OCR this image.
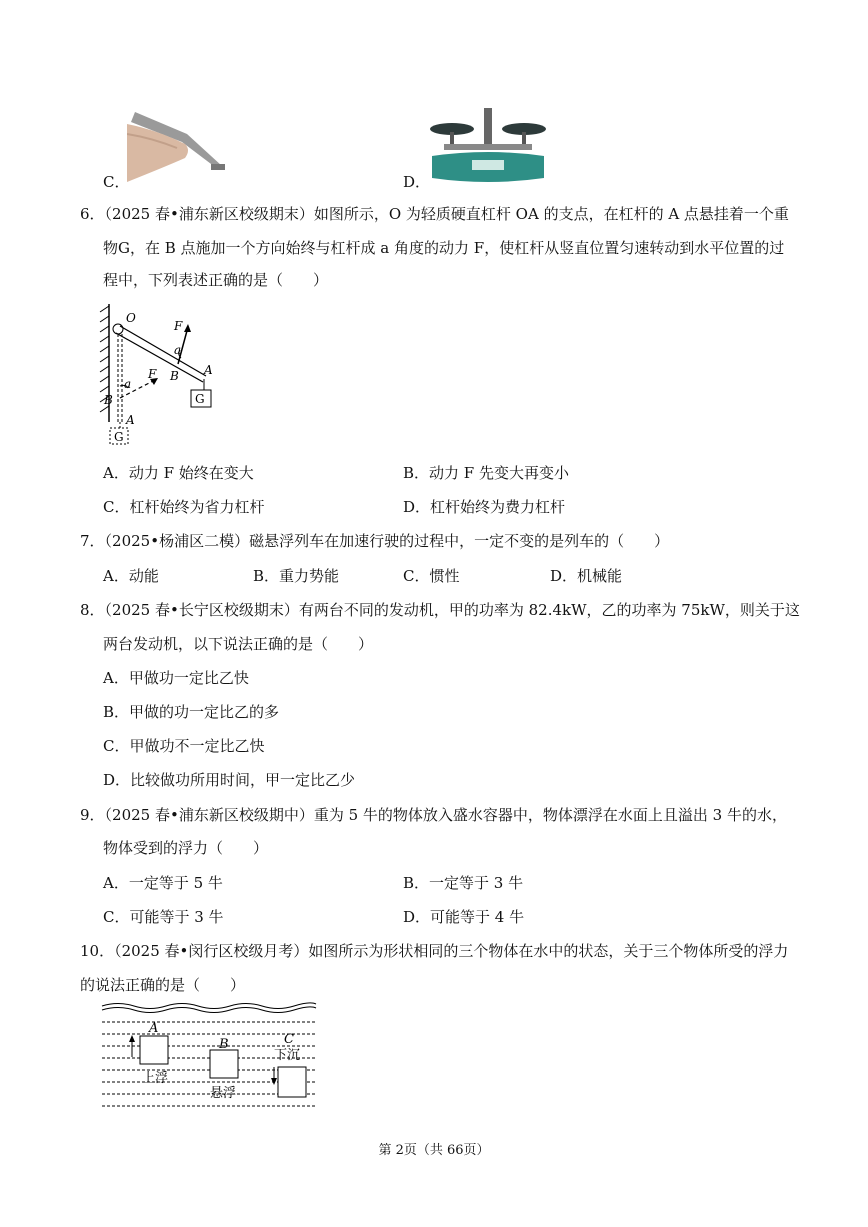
C．	D．
6．（2025 春•浦东新区校级期末）如图所示，O 为轻质硬直杠杆 OA 的支点，在杠杆的 A 点悬挂着一个重
物G，在 B 点施加一个方向始终与杠杆成 a 角度的动力 F，使杠杆从竖直位置匀速转动到水平位置的过
程中，下列表述正确的是（　　）
O
F
a
B A
G
F
a
B
A
G
A．动力 F 始终在变大	B．动力 F 先变大再变小
C．杠杆始终为省力杠杆	D．杠杆始终为费力杠杆
7．（2025•杨浦区二模）磁悬浮列车在加速行驶的过程中，一定不变的是列车的（　　）
A．动能	B．重力势能	C．惯性	D．机械能
8．（2025 春•长宁区校级期末）有两台不同的发动机，甲的功率为 82.4kW，乙的功率为 75kW，则关于这
两台发动机，以下说法正确的是（　　）
A．甲做功一定比乙快
B．甲做的功一定比乙的多
C．甲做功不一定比乙快
D．比较做功所用时间，甲一定比乙少
9．（2025 春•浦东新区校级期中）重为 5 牛的物体放入盛水容器中，物体漂浮在水面上且溢出 3 牛的水，
物体受到的浮力（　　）
A．一定等于 5 牛	B．一定等于 3 牛
C．可能等于 3 牛	D．可能等于 4 牛
10．（2025 春•闵行区校级月考）如图所示为形状相同的三个物体在水中的状态，关于三个物体所受的浮力
的说法正确的是（　　）
A
B	C
上浮
悬浮
下沉
第 2页（共 66页）
